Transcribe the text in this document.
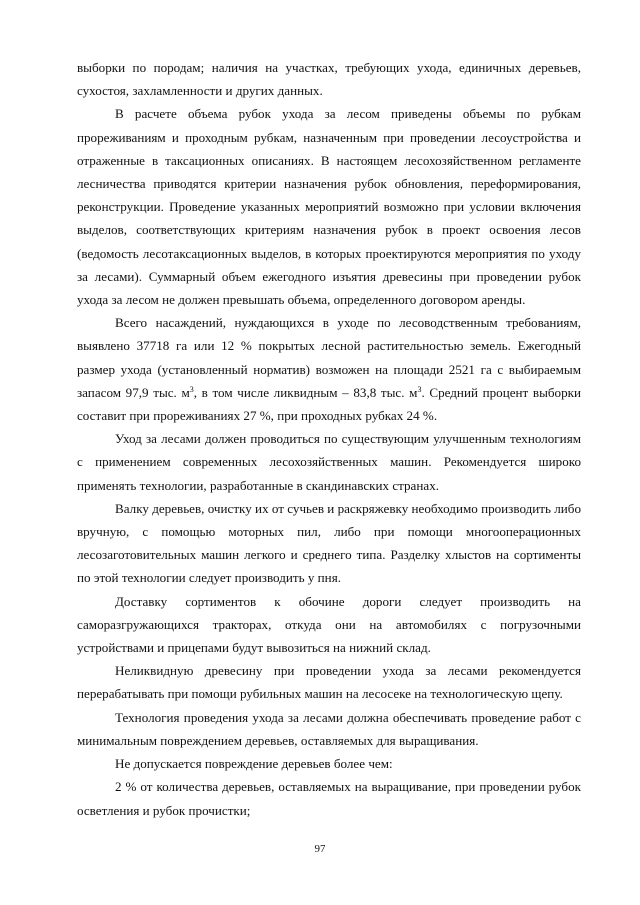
выборки по породам; наличия на участках, требующих ухода, единичных деревьев, сухостоя, захламленности и других данных.

В расчете объема рубок ухода за лесом приведены объемы по рубкам прореживаниям и проходным рубкам, назначенным при проведении лесоустройства и отраженные в таксационных описаниях. В настоящем лесохозяйственном регламенте лесничества приводятся критерии назначения рубок обновления, переформирования, реконструкции. Проведение указанных мероприятий возможно при условии включения выделов, соответствующих критериям назначения рубок в проект освоения лесов (ведомость лесотаксационных выделов, в которых проектируются мероприятия по уходу за лесами). Суммарный объем ежегодного изъятия древесины при проведении рубок ухода за лесом не должен превышать объема, определенного договором аренды.

Всего насаждений, нуждающихся в уходе по лесоводственным требованиям, выявлено 37718 га или 12 % покрытых лесной растительностью земель. Ежегодный размер ухода (установленный норматив) возможен на площади 2521 га с выбираемым запасом 97,9 тыс. $м^3$, в том числе ликвидным – 83,8 тыс. $м^3$. Средний процент выборки составит при прореживаниях 27 %, при проходных рубках 24 %.

Уход за лесами должен проводиться по существующим улучшенным технологиям с применением современных лесохозяйственных машин. Рекомендуется широко применять технологии, разработанные в скандинавских странах.

Валку деревьев, очистку их от сучьев и раскряжевку необходимо производить либо вручную, с помощью моторных пил, либо при помощи многооперационных лесозаготовительных машин легкого и среднего типа. Разделку хлыстов на сортименты по этой технологии следует производить у пня.

Доставку сортиментов к обочине дороги следует производить на саморазгружающихся тракторах, откуда они на автомобилях с погрузочными устройствами и прицепами будут вывозиться на нижний склад.

Неликвидную древесину при проведении ухода за лесами рекомендуется перерабатывать при помощи рубильных машин на лесосеке на технологическую щепу.

Технология проведения ухода за лесами должна обеспечивать проведение работ с минимальным повреждением деревьев, оставляемых для выращивания.

Не допускается повреждение деревьев более чем:

2 % от количества деревьев, оставляемых на выращивание, при проведении рубок осветления и рубок прочистки;

97
